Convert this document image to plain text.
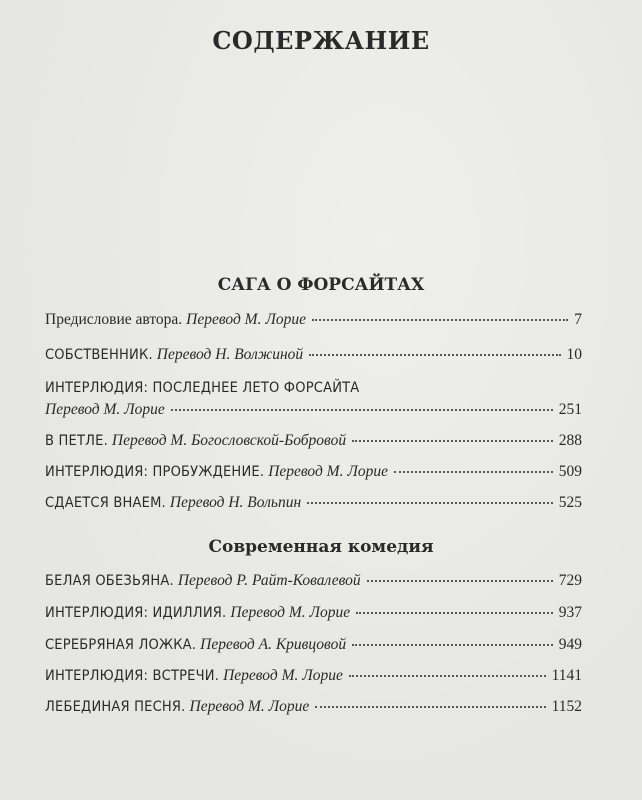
СОДЕРЖАНИЕ
САГА О ФОРСАЙТАХ
Предисловие автора. Перевод М. Лорие	7
СОБСТВЕННИК. Перевод Н. Волжиной	10
ИНТЕРЛЮДИЯ: ПОСЛЕДНЕЕ ЛЕТО ФОРСАЙТА
Перевод М. Лорие	251
В ПЕТЛЕ. Перевод М. Богословской-Бобровой	288
ИНТЕРЛЮДИЯ: ПРОБУЖДЕНИЕ. Перевод М. Лорие	509
СДАЕТСЯ ВНАЕМ. Перевод Н. Вольпин	525
Современная комедия
БЕЛАЯ ОБЕЗЬЯНА. Перевод Р. Райт-Ковалевой	729
ИНТЕРЛЮДИЯ: ИДИЛЛИЯ. Перевод М. Лорие	937
СЕРЕБРЯНАЯ ЛОЖКА. Перевод А. Кривцовой	949
ИНТЕРЛЮДИЯ: ВСТРЕЧИ. Перевод М. Лорие	1141
ЛЕБЕДИНАЯ ПЕСНЯ. Перевод М. Лорие	1152
